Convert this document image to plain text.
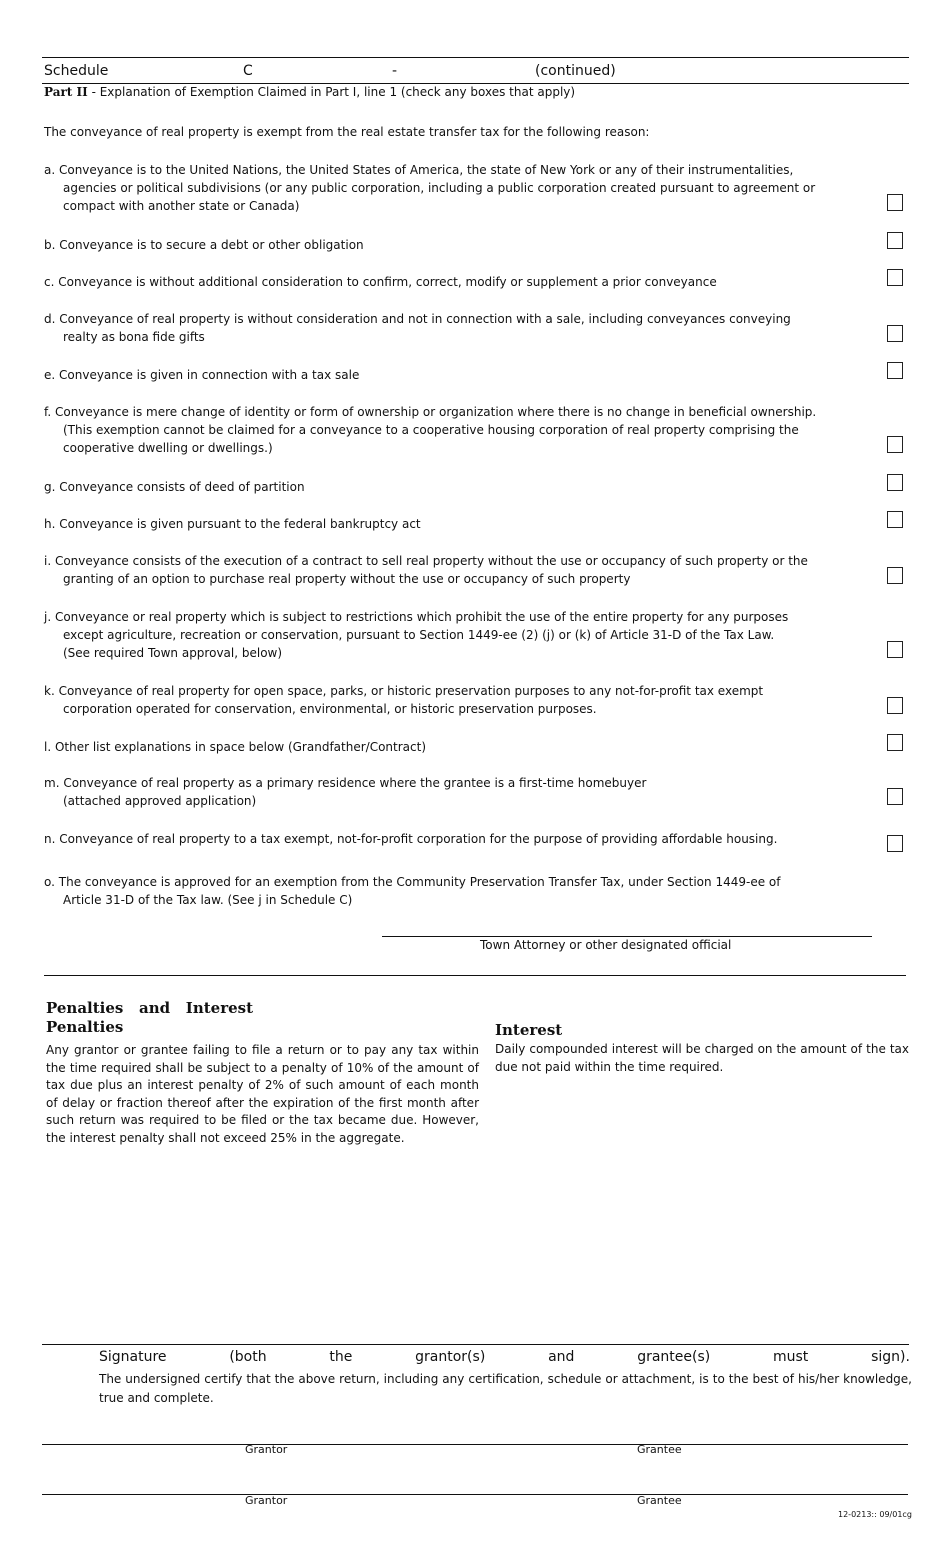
Schedule	C	-	(continued)
Part II - Explanation of Exemption Claimed in Part I, line 1 (check any boxes that apply)
The conveyance of real property is exempt from the real estate transfer tax for the following reason:
a. Conveyance is to the United Nations, the United States of America, the state of New York or any of their instrumentalities,
agencies or political subdivisions (or any public corporation, including a public corporation created pursuant to agreement or
compact with another state or Canada)
b. Conveyance is to secure a debt or other obligation
c. Conveyance is without additional consideration to confirm, correct, modify or supplement a prior conveyance
d. Conveyance of real property is without consideration and not in connection with a sale, including conveyances conveying
realty as bona fide gifts
e. Conveyance is given in connection with a tax sale
f. Conveyance is mere change of identity or form of ownership or organization where there is no change in beneficial ownership.
(This exemption cannot be claimed for a conveyance to a cooperative housing corporation of real property comprising the
cooperative dwelling or dwellings.)
g. Conveyance consists of deed of partition
h. Conveyance is given pursuant to the federal bankruptcy act
i. Conveyance consists of the execution of a contract to sell real property without the use or occupancy of such property or the
granting of an option to purchase real property without the use or occupancy of such property
j. Conveyance or real property which is subject to restrictions which prohibit the use of the entire property for any purposes
except agriculture, recreation or conservation, pursuant to Section 1449-ee (2) (j) or (k) of Article 31-D of the Tax Law.
(See required Town approval, below)
k. Conveyance of real property for open space, parks, or historic preservation purposes to any not-for-profit tax exempt
corporation operated for conservation, environmental, or historic preservation purposes.
l. Other list explanations in space below (Grandfather/Contract)
m. Conveyance of real property as a primary residence where the grantee is a first-time homebuyer
(attached approved application)
n. Conveyance of real property to a tax exempt, not-for-profit corporation for the purpose of providing affordable housing.
o. The conveyance is approved for an exemption from the Community Preservation Transfer Tax, under Section 1449-ee of
Article 31-D of the Tax law. (See j in Schedule C)
Town Attorney or other designated official
Penalties   and   Interest
Penalties
Any grantor or grantee failing to file a return or to pay any tax within the time required shall be subject to a penalty of 10% of the amount of tax due plus an interest penalty of 2% of such amount of each month of delay or fraction thereof after the expiration of the first month after such return was required to be filed or the tax became due. However, the interest penalty shall not exceed 25% in the aggregate.
Interest
Daily compounded interest will be charged on the amount of the tax due not paid within the time required.
Signature	(both	the	grantor(s)	and	grantee(s)	must	sign).
The undersigned certify that the above return, including any certification, schedule or attachment, is to the best of his/her knowledge, true and complete.
Grantor	Grantee
Grantor	Grantee
12-0213:: 09/01cg
